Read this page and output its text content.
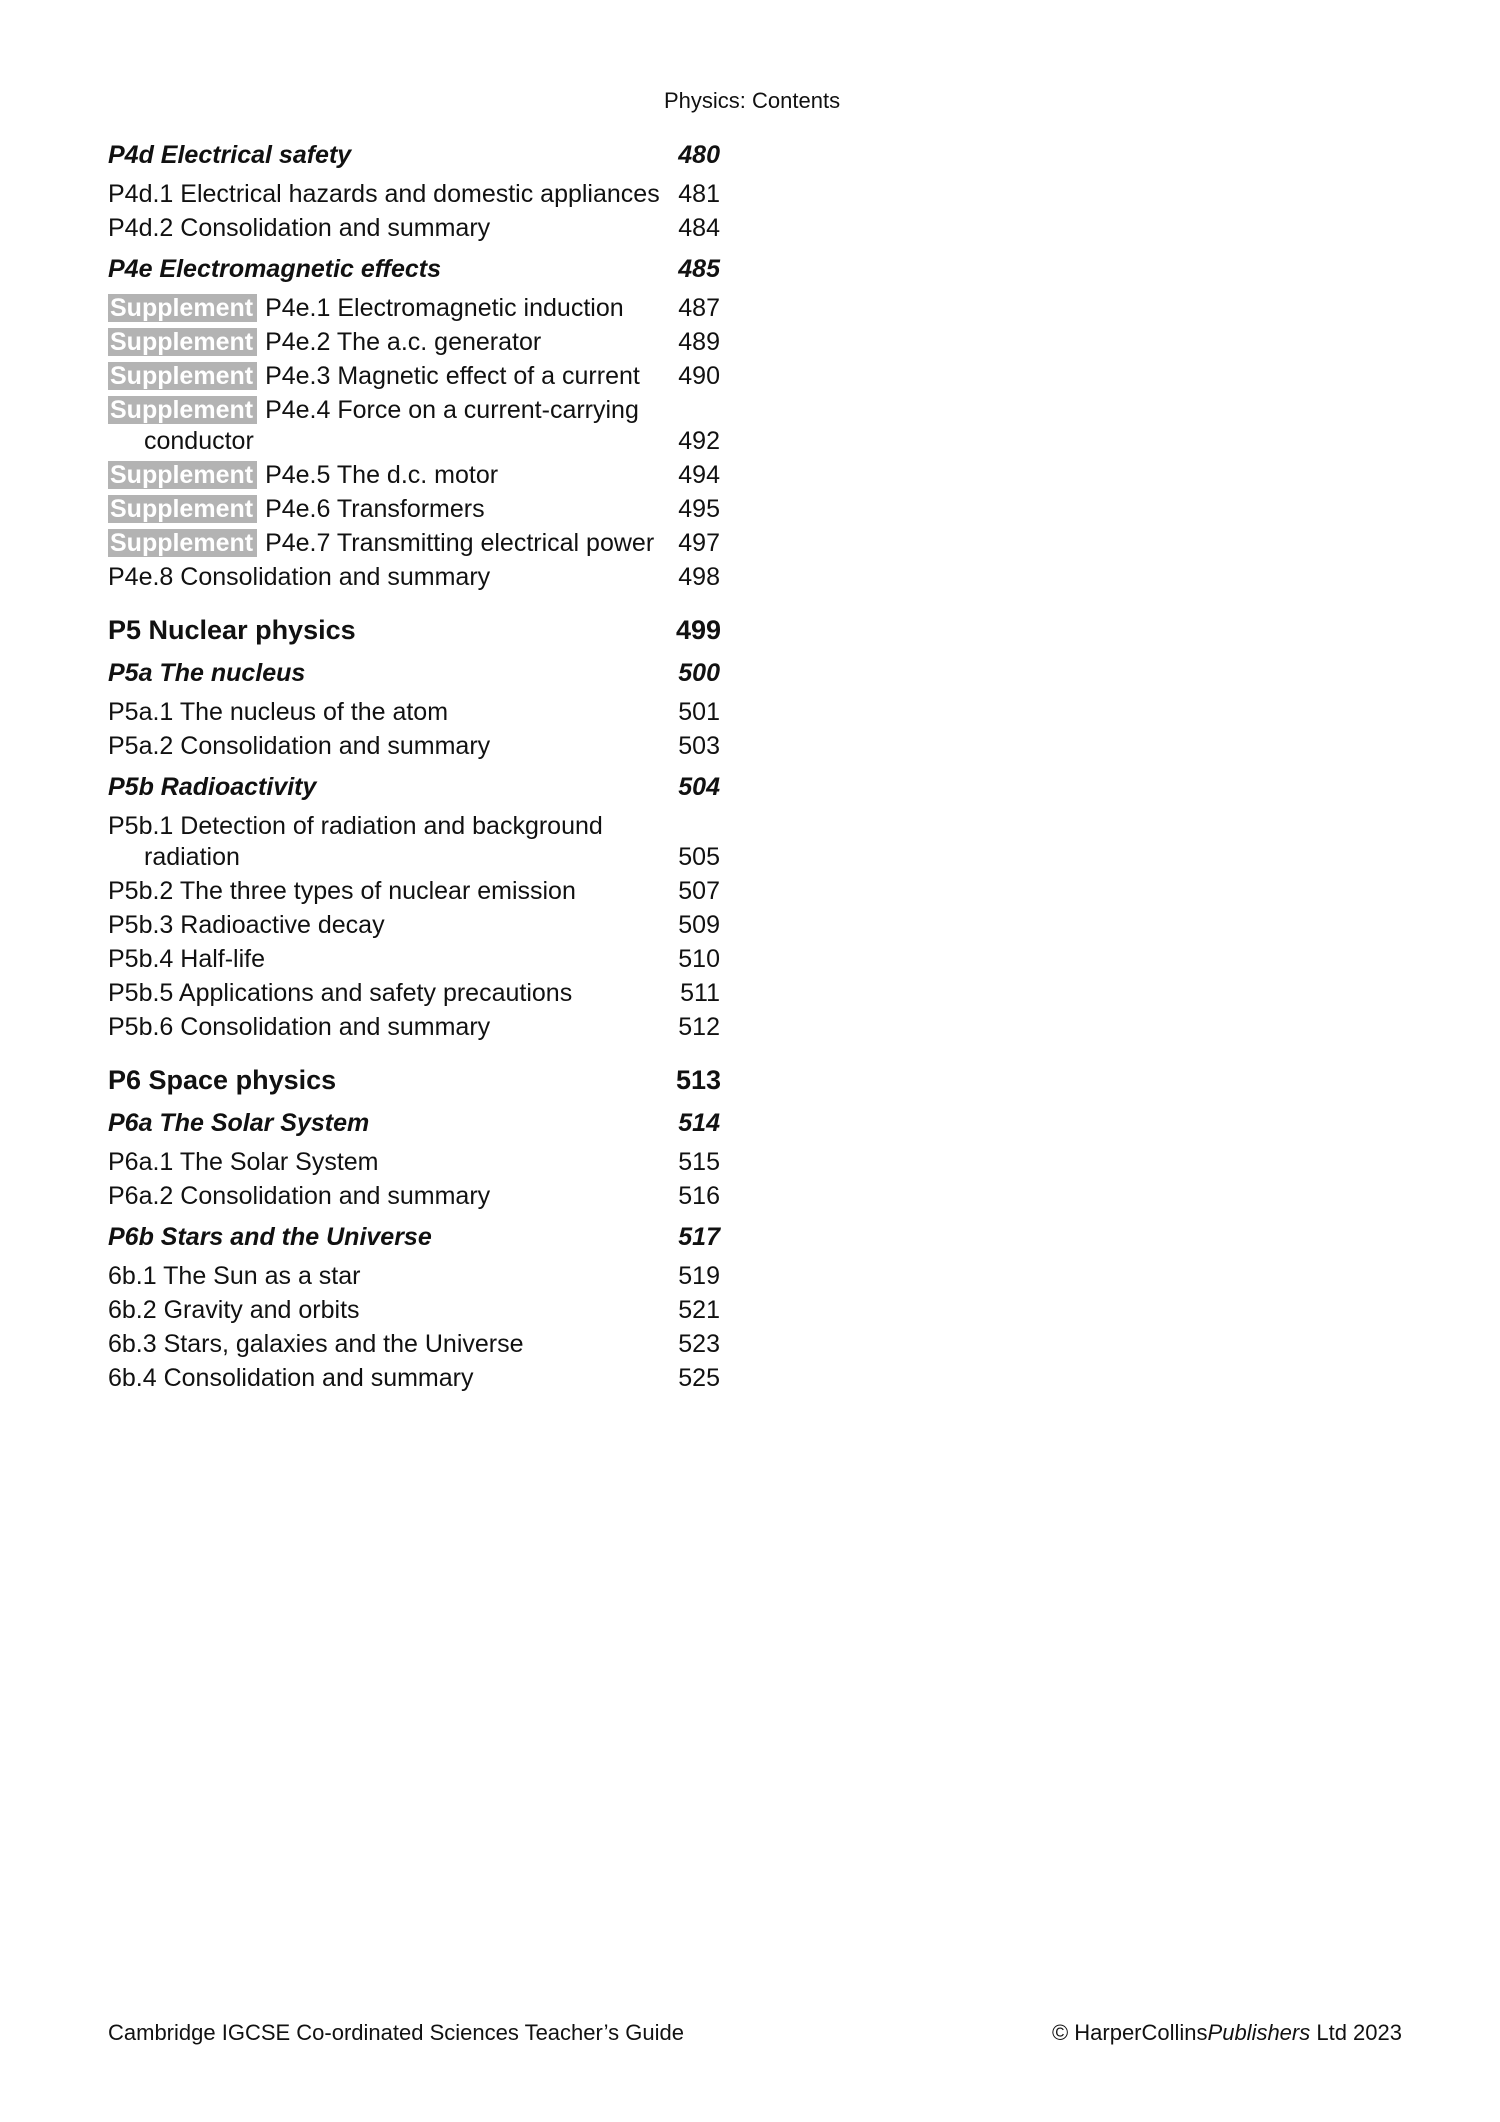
Physics: Contents
P4d Electrical safety	480
P4d.1 Electrical hazards and domestic appliances 481
P4d.2 Consolidation and summary	484
P4e Electromagnetic effects	485
Supplement P4e.1 Electromagnetic induction	487
Supplement P4e.2 The a.c. generator	489
Supplement P4e.3 Magnetic effect of a current	490
Supplement P4e.4 Force on a current-carrying
conductor	492
Supplement P4e.5 The d.c. motor	494
Supplement P4e.6 Transformers	495
Supplement P4e.7 Transmitting electrical power 497
P4e.8 Consolidation and summary	498
P5 Nuclear physics	499
P5a The nucleus	500
P5a.1 The nucleus of the atom	501
P5a.2 Consolidation and summary	503
P5b Radioactivity	504
P5b.1 Detection of radiation and background
radiation	505
P5b.2 The three types of nuclear emission	507
P5b.3 Radioactive decay	509
P5b.4 Half-life	510
P5b.5 Applications and safety precautions	511
P5b.6 Consolidation and summary	512
P6 Space physics	513
P6a The Solar System	514
P6a.1 The Solar System	515
P6a.2 Consolidation and summary	516
P6b Stars and the Universe	517
6b.1 The Sun as a star	519
6b.2 Gravity and orbits	521
6b.3 Stars, galaxies and the Universe	523
6b.4 Consolidation and summary	525
Cambridge IGCSE Co-ordinated Sciences Teacher’s Guide	© HarperCollinsPublishers Ltd 2023
